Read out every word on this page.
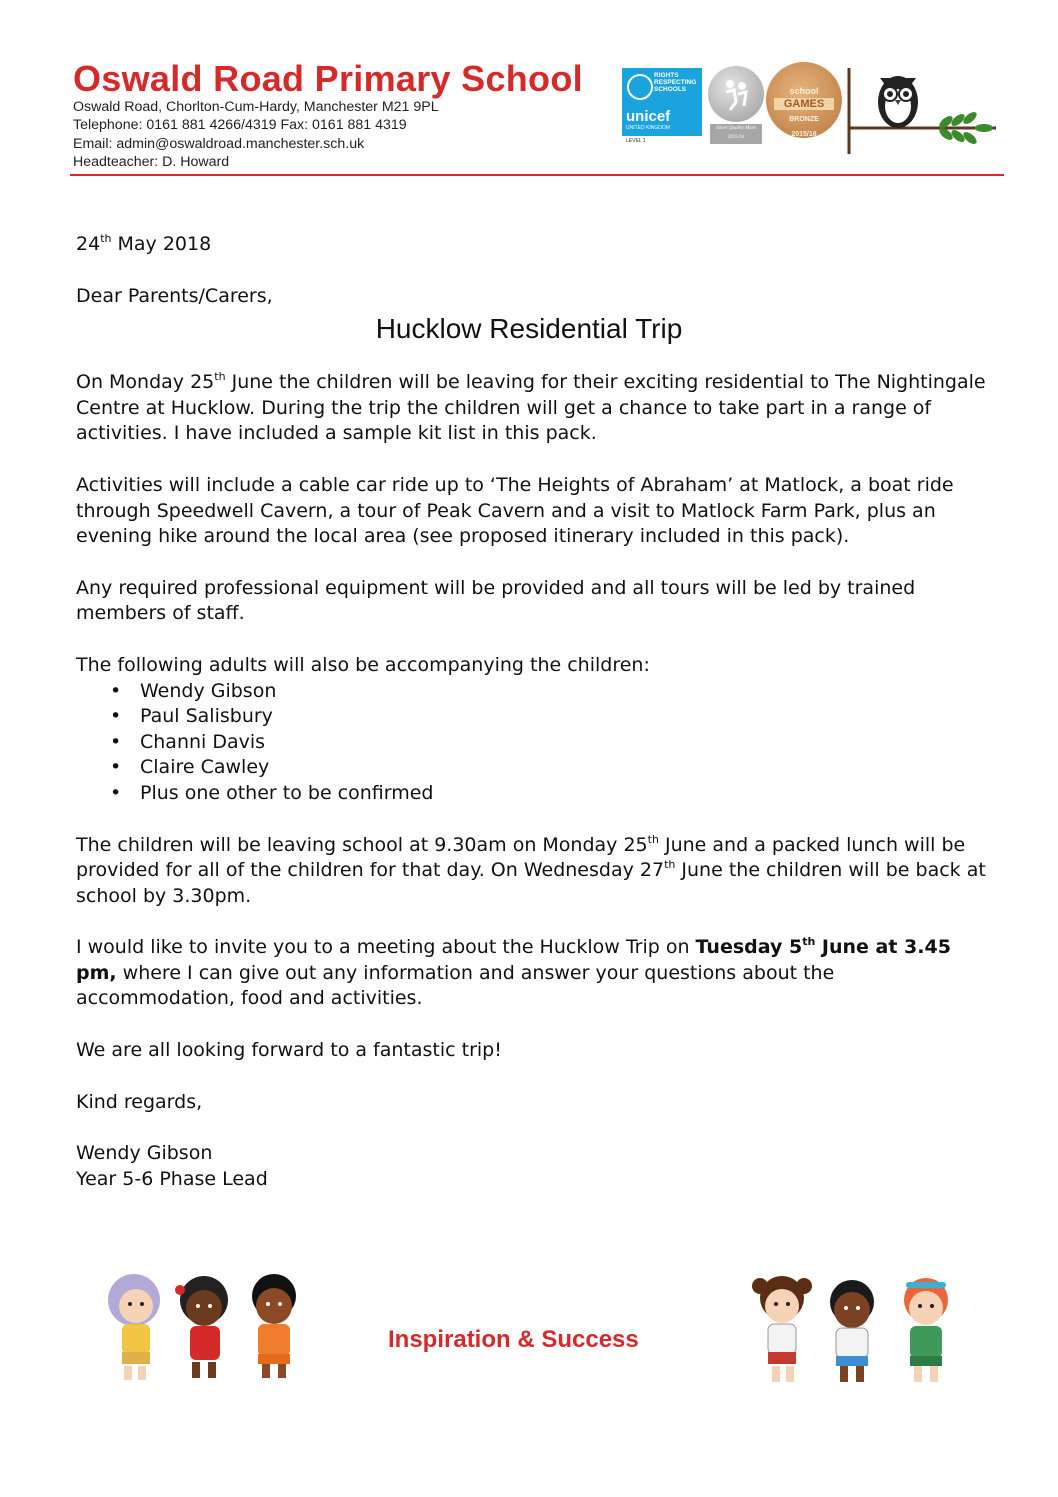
Oswald Road Primary School
Oswald Road, Chorlton-Cum-Hardy, Manchester M21 9PL
Telephone: 0161 881 4266/4319 Fax: 0161 881 4319
Email: admin@oswaldroad.manchester.sch.uk
Headteacher: D. Howard
RIGHTS RESPECTING SCHOOLS
unicef
UNITED KINGDOM
LEVEL 1
Silver Quality Mark 2015/16
school
GAMES
BRONZE
2015/16

24th May 2018

Dear Parents/Carers,

Hucklow Residential Trip

On Monday 25th June the children will be leaving for their exciting residential to The Nightingale Centre at Hucklow. During the trip the children will get a chance to take part in a range of activities. I have included a sample kit list in this pack.

Activities will include a cable car ride up to ‘The Heights of Abraham’ at Matlock, a boat ride through Speedwell Cavern, a tour of Peak Cavern and a visit to Matlock Farm Park, plus an evening hike around the local area (see proposed itinerary included in this pack).

Any required professional equipment will be provided and all tours will be led by trained members of staff.

The following adults will also be accompanying the children:

• Wendy Gibson
• Paul Salisbury
• Channi Davis
• Claire Cawley
• Plus one other to be confirmed

The children will be leaving school at 9.30am on Monday 25th June and a packed lunch will be provided for all of the children for that day. On Wednesday 27th June the children will be back at school by 3.30pm.

I would like to invite you to a meeting about the Hucklow Trip on Tuesday 5th June at 3.45 pm, where I can give out any information and answer your questions about the accommodation, food and activities.

We are all looking forward to a fantastic trip!

Kind regards,

Wendy Gibson

Year 5-6 Phase Lead

Inspiration & Success
